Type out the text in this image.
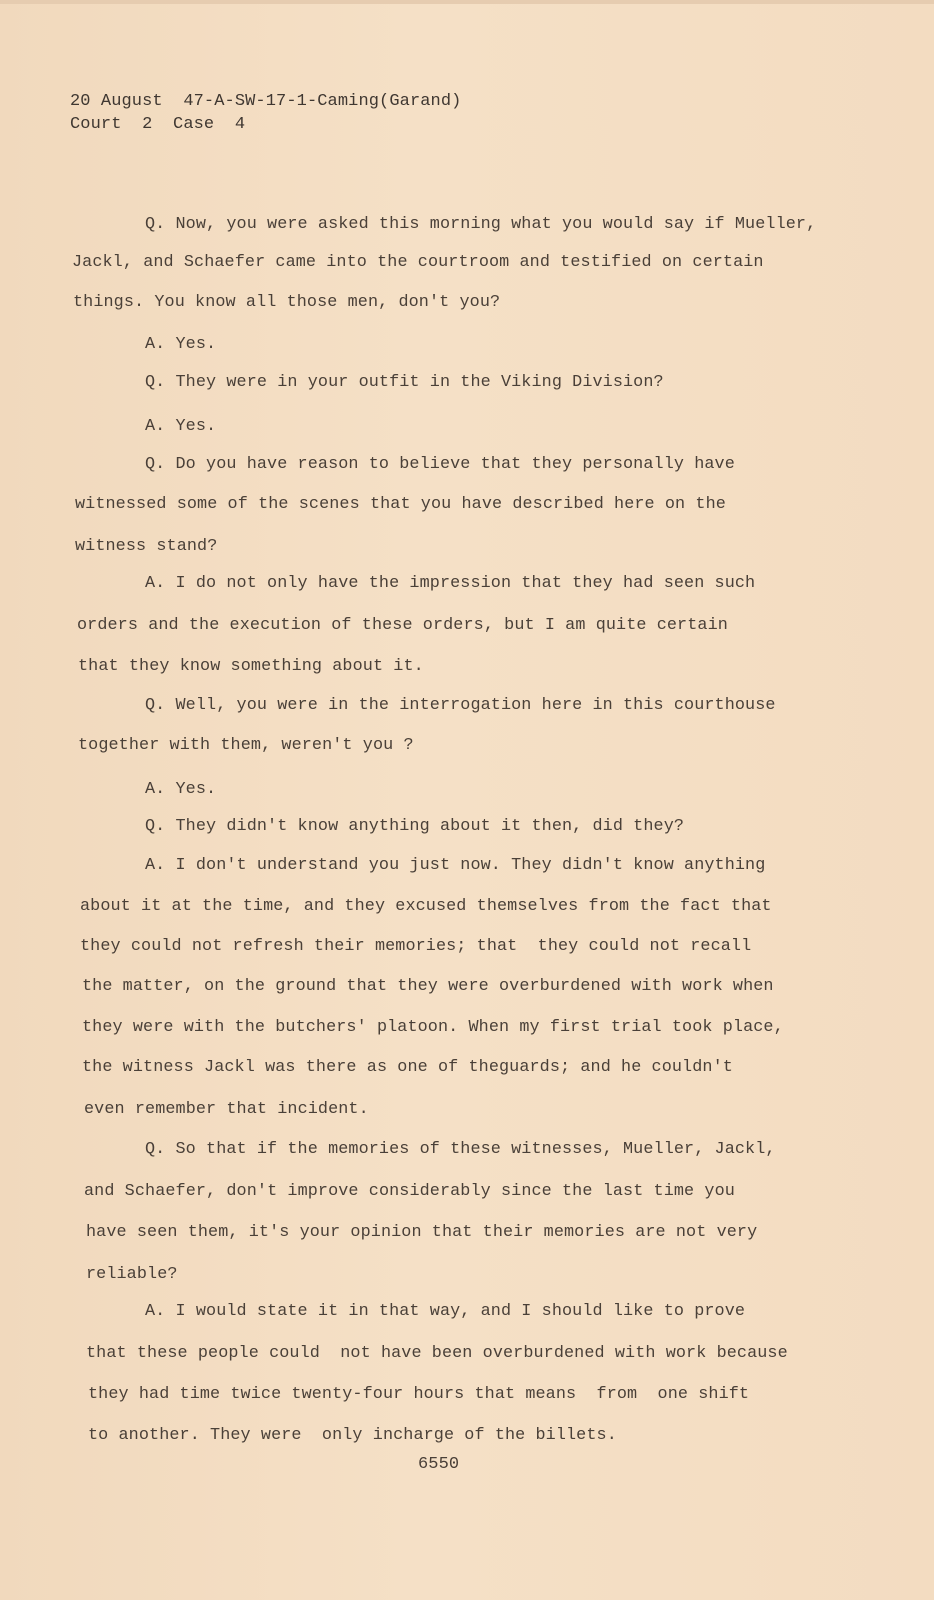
20 August  47-A-SW-17-1-Caming(Garand)
Court  2  Case  4
Q. Now, you were asked this morning what you would say if Mueller,
Jackl, and Schaefer came into the courtroom and testified on certain
things. You know all those men, don't you?
A. Yes.
Q. They were in your outfit in the Viking Division?
A. Yes.
Q. Do you have reason to believe that they personally have
witnessed some of the scenes that you have described here on the
witness stand?
A. I do not only have the impression that they had seen such
orders and the execution of these orders, but I am quite certain
that they know something about it.
Q. Well, you were in the interrogation here in this courthouse
together with them, weren't you ?
A. Yes.
Q. They didn't know anything about it then, did they?
A. I don't understand you just now. They didn't know anything
about it at the time, and they excused themselves from the fact that
they could not refresh their memories; that  they could not recall
the matter, on the ground that they were overburdened with work when
they were with the butchers' platoon. When my first trial took place,
the witness Jackl was there as one of theguards; and he couldn't
even remember that incident.
Q. So that if the memories of these witnesses, Mueller, Jackl,
and Schaefer, don't improve considerably since the last time you
have seen them, it's your opinion that their memories are not very
reliable?
A. I would state it in that way, and I should like to prove
that these people could  not have been overburdened with work because
they had time twice twenty-four hours that means  from  one shift
to another. They were  only incharge of the billets.
6550
